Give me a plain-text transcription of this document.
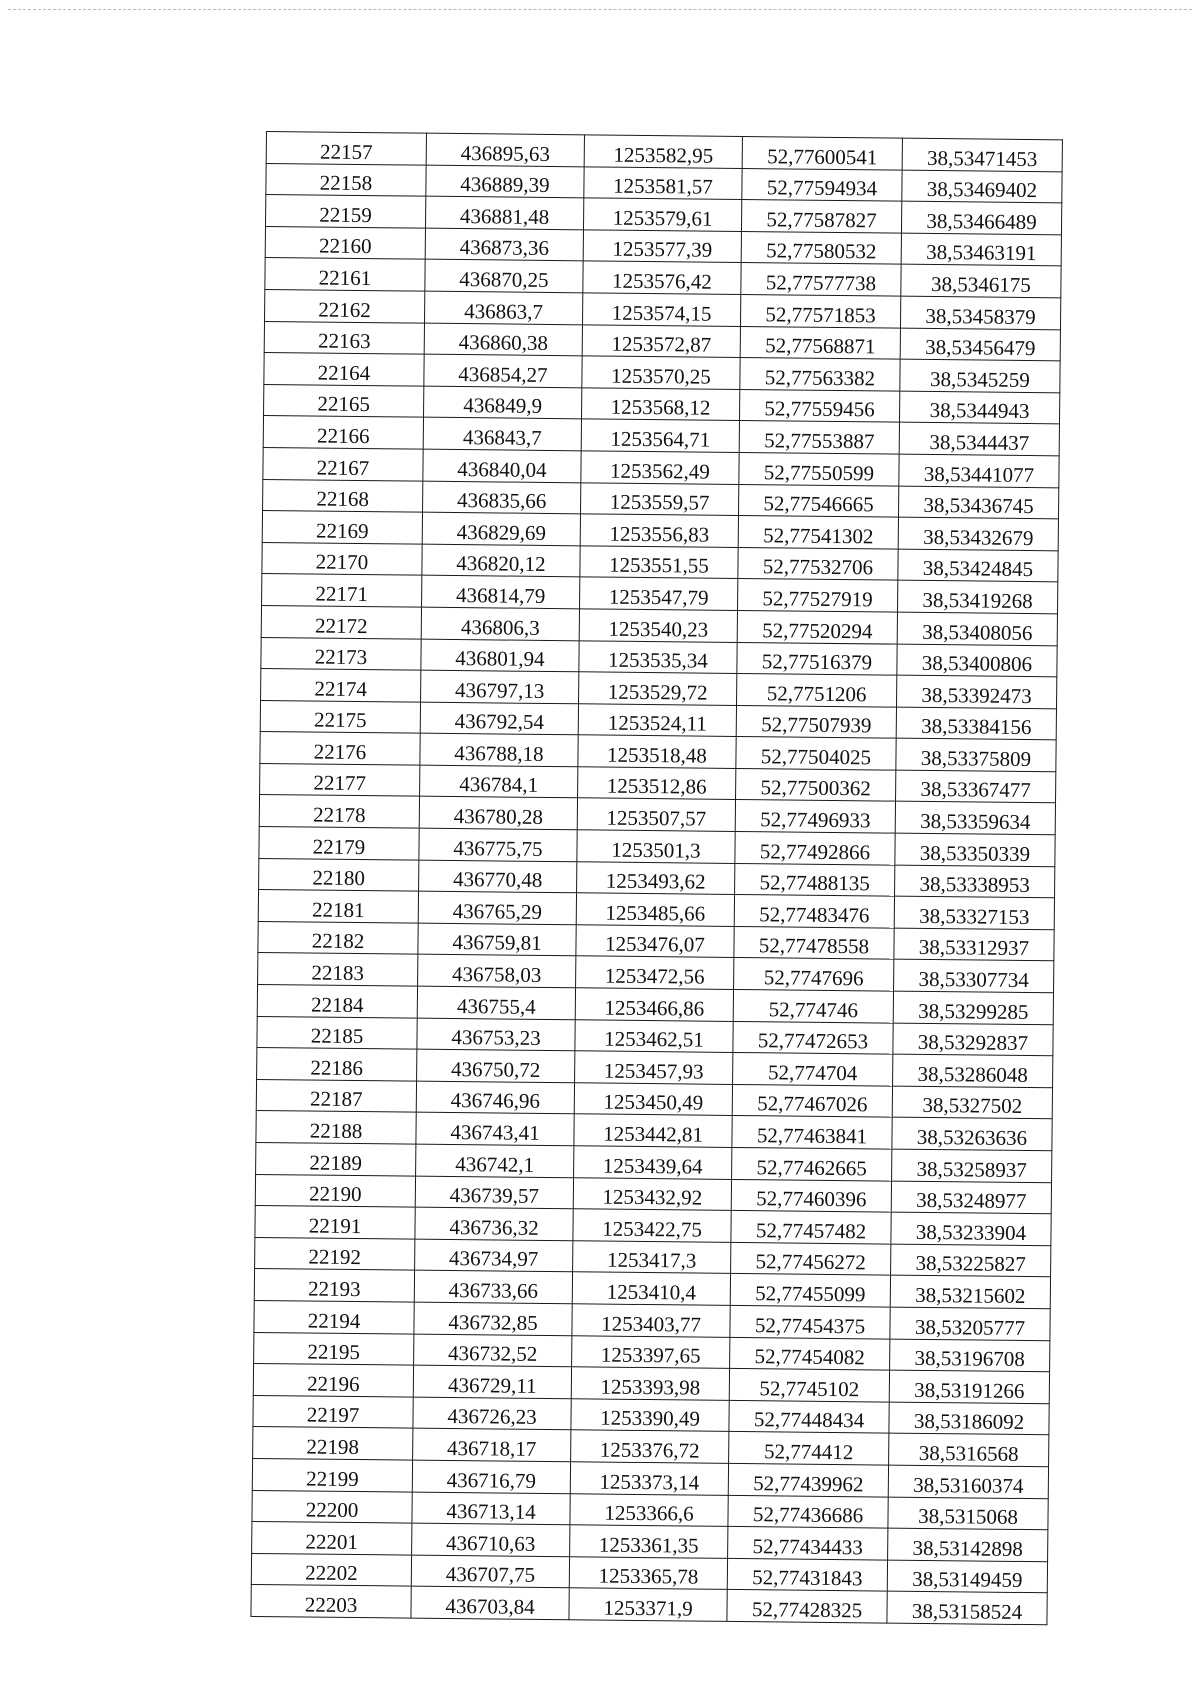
22157	436895,63	1253582,95	52,77600541	38,53471453
22158	436889,39	1253581,57	52,77594934	38,53469402
22159	436881,48	1253579,61	52,77587827	38,53466489
22160	436873,36	1253577,39	52,77580532	38,53463191
22161	436870,25	1253576,42	52,77577738	38,5346175
22162	436863,7	1253574,15	52,77571853	38,53458379
22163	436860,38	1253572,87	52,77568871	38,53456479
22164	436854,27	1253570,25	52,77563382	38,5345259
22165	436849,9	1253568,12	52,77559456	38,5344943
22166	436843,7	1253564,71	52,77553887	38,5344437
22167	436840,04	1253562,49	52,77550599	38,53441077
22168	436835,66	1253559,57	52,77546665	38,53436745
22169	436829,69	1253556,83	52,77541302	38,53432679
22170	436820,12	1253551,55	52,77532706	38,53424845
22171	436814,79	1253547,79	52,77527919	38,53419268
22172	436806,3	1253540,23	52,77520294	38,53408056
22173	436801,94	1253535,34	52,77516379	38,53400806
22174	436797,13	1253529,72	52,7751206	38,53392473
22175	436792,54	1253524,11	52,77507939	38,53384156
22176	436788,18	1253518,48	52,77504025	38,53375809
22177	436784,1	1253512,86	52,77500362	38,53367477
22178	436780,28	1253507,57	52,77496933	38,53359634
22179	436775,75	1253501,3	52,77492866	38,53350339
22180	436770,48	1253493,62	52,77488135	38,53338953
22181	436765,29	1253485,66	52,77483476	38,53327153
22182	436759,81	1253476,07	52,77478558	38,53312937
22183	436758,03	1253472,56	52,7747696	38,53307734
22184	436755,4	1253466,86	52,774746	38,53299285
22185	436753,23	1253462,51	52,77472653	38,53292837
22186	436750,72	1253457,93	52,774704	38,53286048
22187	436746,96	1253450,49	52,77467026	38,5327502
22188	436743,41	1253442,81	52,77463841	38,53263636
22189	436742,1	1253439,64	52,77462665	38,53258937
22190	436739,57	1253432,92	52,77460396	38,53248977
22191	436736,32	1253422,75	52,77457482	38,53233904
22192	436734,97	1253417,3	52,77456272	38,53225827
22193	436733,66	1253410,4	52,77455099	38,53215602
22194	436732,85	1253403,77	52,77454375	38,53205777
22195	436732,52	1253397,65	52,77454082	38,53196708
22196	436729,11	1253393,98	52,7745102	38,53191266
22197	436726,23	1253390,49	52,77448434	38,53186092
22198	436718,17	1253376,72	52,774412	38,5316568
22199	436716,79	1253373,14	52,77439962	38,53160374
22200	436713,14	1253366,6	52,77436686	38,5315068
22201	436710,63	1253361,35	52,77434433	38,53142898
22202	436707,75	1253365,78	52,77431843	38,53149459
22203	436703,84	1253371,9	52,77428325	38,53158524
